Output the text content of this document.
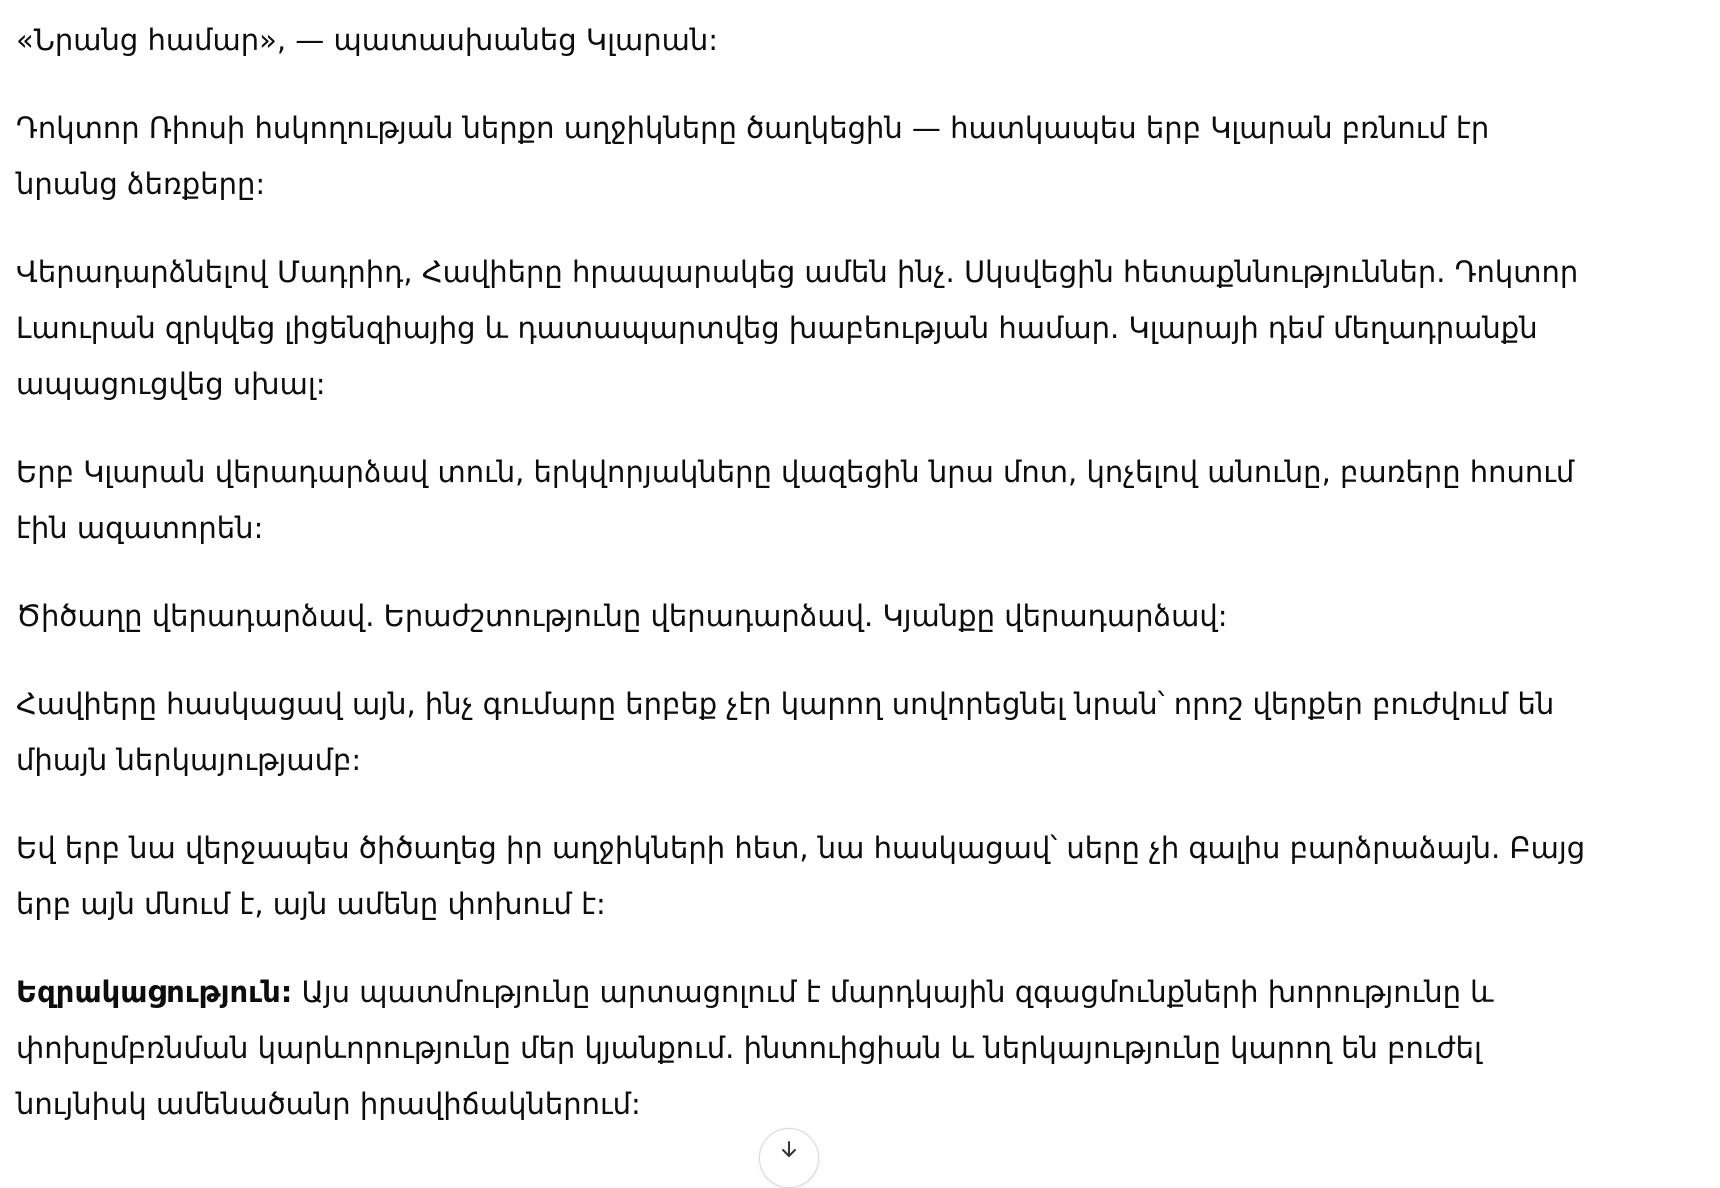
«Նրանց համար», — պատասխանեց Կլարան:

Դոկտոր Ռիոսի հսկողության ներքո աղջիկները ծաղկեցին — հատկապես երբ Կլարան բռնում էր նրանց ձեռքերը:

Վերադարձնելով Մադրիդ, Հավիերը հրապարակեց ամեն ինչ. Սկսվեցին հետաքննություններ. Դոկտոր Լաուրան զրկվեց լիցենզիայից և դատապարտվեց խաբեության համար. Կլարայի դեմ մեղադրանքն ապացուցվեց սխալ:

Երբ Կլարան վերադարձավ տուն, երկվորյակները վազեցին նրա մոտ, կոչելով անունը, բառերը հոսում էին ազատորեն:

Ծիծաղը վերադարձավ. Երաժշտությունը վերադարձավ. Կյանքը վերադարձավ:

Հավիերը հասկացավ այն, ինչ գումարը երբեք չէր կարող սովորեցնել նրան՝ որոշ վերքեր բուժվում են միայն ներկայությամբ:

Եվ երբ նա վերջապես ծիծաղեց իր աղջիկների հետ, նա հասկացավ՝ սերը չի գալիս բարձրաձայն. Բայց երբ այն մնում է, այն ամենը փոխում է:

Եզրակացություն: Այս պատմությունը արտացոլում է մարդկային զգացմունքների խորությունը և փոխըմբռնման կարևորությունը մեր կյանքում. ինտուիցիան և ներկայությունը կարող են բուժել նույնիսկ ամենածանր իրավիճակներում:
